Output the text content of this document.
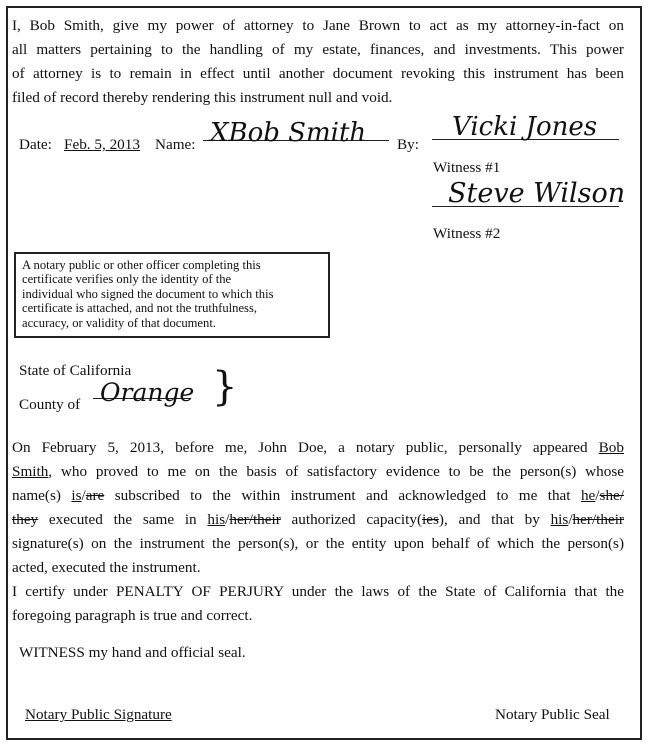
I, Bob Smith, give my power of attorney to Jane Brown to act as my attorney-in-fact on
all matters pertaining to the handling of my estate, finances, and investments. This power
of attorney is to remain in effect until another document revoking this instrument has been
filed of record thereby rendering this instrument null and void.
Date: Feb. 5, 2013 Name: XBob Smith By:
Vicki Jones
Witness #1
Steve Wilson
Witness #2
A notary public or other officer completing this
certificate verifies only the identity of the
individual who signed the document to which this
certificate is attached, and not the truthfulness,
accuracy, or validity of that document.
State of California
County of Orange }
On February 5, 2013, before me, John Doe, a notary public, personally appeared Bob
Smith, who proved to me on the basis of satisfactory evidence to be the person(s) whose
name(s) is/are subscribed to the within instrument and acknowledged to me that he/she/
they executed the same in his/her/their authorized capacity(ies), and that by his/her/their
signature(s) on the instrument the person(s), or the entity upon behalf of which the person(s)
acted, executed the instrument.
I certify under PENALTY OF PERJURY under the laws of the State of California that the
foregoing paragraph is true and correct.
WITNESS my hand and official seal.
Notary Public Signature	Notary Public Seal
